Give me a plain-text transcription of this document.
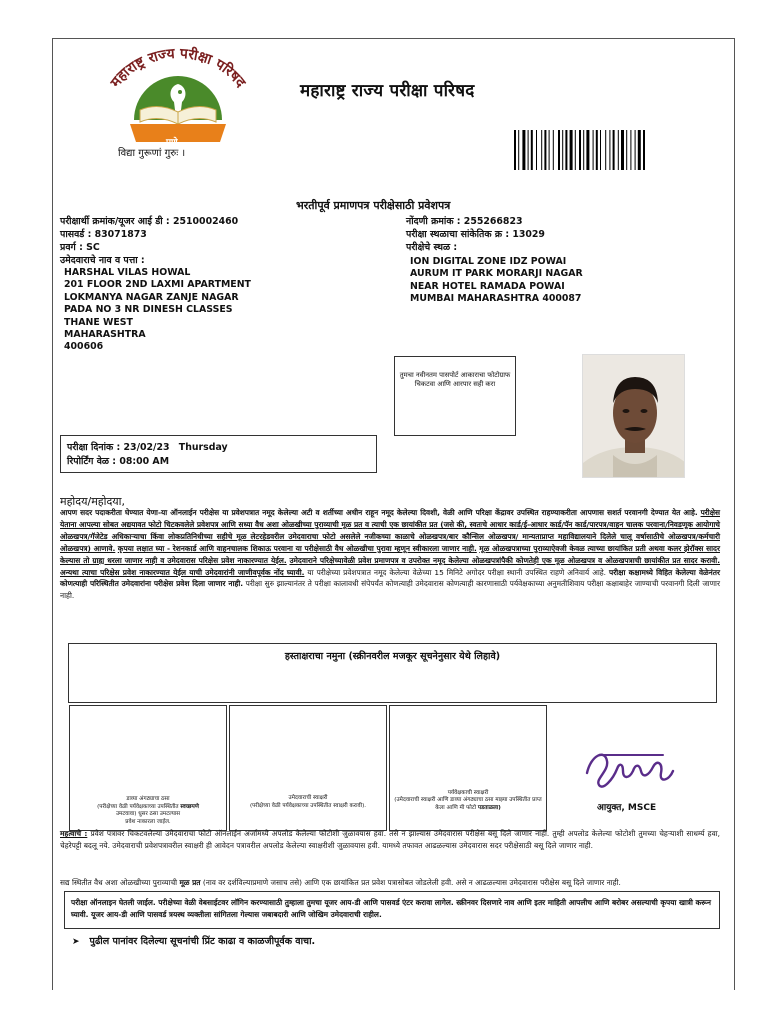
महाराष्ट्र राज्य परीक्षा परिषद
पुणे
विद्या गुरूणां गुरुः ।
महाराष्ट्र राज्य परीक्षा परिषद
भरतीपूर्व प्रमाणपत्र परीक्षेसाठी प्रवेशपत्र
परीक्षार्थी क्रमांक/यूजर आई डी : 2510002460
पासवर्ड : 83071873
प्रवर्ग : SC
उमेदवाराचे नाव व पत्ता :
HARSHAL VILAS HOWAL
201 FLOOR 2ND LAXMI APARTMENT
LOKMANYA NAGAR ZANJE NAGAR
PADA NO 3 NR DINESH CLASSES
THANE WEST
MAHARASHTRA
400606
नोंदणी क्रमांक : 255266823
परीक्षा स्थळाचा सांकेतिक क्र : 13029
परीक्षेचे स्थळ :
ION DIGITAL ZONE IDZ POWAI
AURUM IT PARK MORARJI NAGAR
NEAR HOTEL RAMADA POWAI
MUMBAI MAHARASHTRA 400087
तुमचा नवीनतम पासपोर्ट आकाराचा फोटोग्राफ चिकटवा आणि आरपार सही करा
परीक्षा दिनांक : 23/02/23 Thursday
रिपोर्टिंग वेळ : 08:00 AM
महोदय/महोदया,
आपण सदर पदाकरीता घेण्यात येणा-या ऑनलाईन परीक्षेस या प्रवेशपत्रात नमूद केलेल्या अटी व शर्तीच्या अधीन राहून नमूद केलेल्या दिवशी, वेळी आणि परिक्षा केंद्रावर उपस्थित राहण्याकरीता आपणास सशर्त परवानगी देण्यात येत आहे. परीक्षेस येताना आपल्या सोबत अद्ययावत फोटो चिटकवलेले प्रवेशपत्र आणि सध्या वैध अशा ओळखीच्या पुराव्याची मूळ प्रत व त्याची एक छायांकीत प्रत (जसे की, स्वतःचे आधार कार्ड/ई-आधार कार्ड/पॅन कार्ड/पारपत्र/वाहन चालक परवाना/निवडणूक आयोगाचे ओळखपत्र/गॅजेटेड अधिकाऱ्याचा किंवा लोकप्रतिनिधीच्या सहीचे मूळ लेटरहेडवरील उमेदवाराचा फोटो असलेले नजीकच्या काळाचे ओळखपत्र/बार कौन्सिल ओळखपत्र/ मान्यताप्राप्त महाविद्यालयाने दिलेले चालू वर्षासाठीचे ओळखपत्र/कर्मचारी ओळखपत्र) आणावे. कृपया लक्षात घ्या - रेशनकार्ड आणि वाहनचालक शिकाऊ परवाना या परीक्षेसाठी वैध ओळखीचा पुरावा म्हणून स्वीकारला जाणार नाही. मूळ ओळखपत्राच्या पुराव्याऐवजी केवळ त्याच्या छायांकित प्रती अथवा कलर झेरॉक्स सादर केल्यास तो ग्राह्य धरला जाणार नाही व उमेदवारास परिक्षेस प्रवेश नाकारण्यात येईल. उमेदवाराने परिक्षेच्यावेळी प्रवेश प्रमाणपत्र व उपरोक्त नमूद केलेल्या ओळखपत्रांपैकी कोणतेही एक मूळ ओळखपत्र व ओळखपत्राची छायांकीत प्रत सादर करावी. अन्यथा त्याचा परिक्षेस प्रवेश नाकारण्यात येईल याची उमेदवारांनी जाणीवपूर्वक नोंद घ्यावी. या परीक्षेच्या प्रवेशपत्रात नमूद केलेल्या वेळेच्या 15 मिनिटे अगोदर परीक्षा स्थानी उपस्थित राहणे अनिवार्य आहे. परीक्षा कक्षामध्ये विहित केलेल्या वेळेनंतर कोणत्याही परिस्थितीत उमेदवारांना परीक्षेस प्रवेश दिला जाणार नाही. परीक्षा सुरु झाल्यानंतर ते परीक्षा कालावधी संपेपर्यंत कोणत्याही उमेदवारास कोणत्याही कारणासाठी पर्यवेक्षकाच्या अनुमतीशिवाय परीक्षा कक्षाबाहेर जाण्याची परवानगी दिली जाणार नाही.
हस्ताक्षराचा नमुना (स्क्रीनवरील मजकूर सूचनेनुसार येथे लिहावे)
डाव्या अंगठ्याचा ठसा
(परीक्षेच्या वेळी पर्यवेक्षकाच्या उपस्थितीत स्वच्छपणे
उमटवावा) धुसर ठसा उमटल्यास
प्रवेश नाकारला जाईल.
उमेदवाराची स्वाक्षरी
(परीक्षेच्या वेळी पर्यवेक्षकाच्या उपस्थितीत स्वाक्षरी करावी).
पर्यवेक्षकाची स्वाक्षरी
(उमेदवाराची स्वाक्षरी आणि डाव्या अंगठ्याचा ठसा माझ्या उपस्थितीत प्राप्त केला आणि मी फोटो पडताळला)	आयुक्त, MSCE
महत्वाचे : प्रवेश पत्रावर चिकटवलेल्या उमेदवाराचा फोटो ऑनलाईन अर्जामध्ये अपलोड केलेल्या फोटोशी जुळावयास हवा. तसे न झाल्यास उमेदवारास परीक्षेस बसू दिले जाणार नाही. तुम्ही अपलोड केलेल्या फोटोशी तुमच्या चेहऱ्याशी साधर्म्य हवा, चेहरेपट्टी बदलू नये. उमेदवाराची प्रवेशपत्रावरील स्वाक्षरी ही आवेदन पत्रावरील अपलोड केलेल्या स्वाक्षरीशी जुळावयास हवी. यामध्ये तफावत आढळल्यास उमेदवारास सदर परीक्षेसाठी बसू दिले जाणार नाही.
सद्य स्थितीत वैध अशा ओळखीच्या पुराव्याची मूळ प्रत (नाव वर दर्शविल्याप्रमाणे जसाच तसे) आणि एक छायांकित प्रत प्रवेश पत्रासोबत जोडलेली हवी. असे न आढळल्यास उमेदवारास परीक्षेस बसू दिले जाणार नाही.
परीक्षा ऑनलाइन घेतली जाईल. परीक्षेच्या वेळी वेबसाईटवर लॉगिन करण्यासाठी तुम्हाला तुमचा यूजर आय-डी आणि पासवर्ड एंटर करावा लागेल. स्क्रीनवर दिसणारे नाव आणि इतर माहिती आपलीच आणि बरोबर असल्याची कृपया खात्री करून घ्यावी. यूजर आय-डी आणि पासवर्ड त्रयस्थ व्यक्तीला सांगितला गेल्यास जबाबदारी आणि जोखिम उमेदवाराची राहील.
➤ पुढील पानांवर दिलेल्या सूचनांची प्रिंट काढा व काळजीपूर्वक वाचा.
